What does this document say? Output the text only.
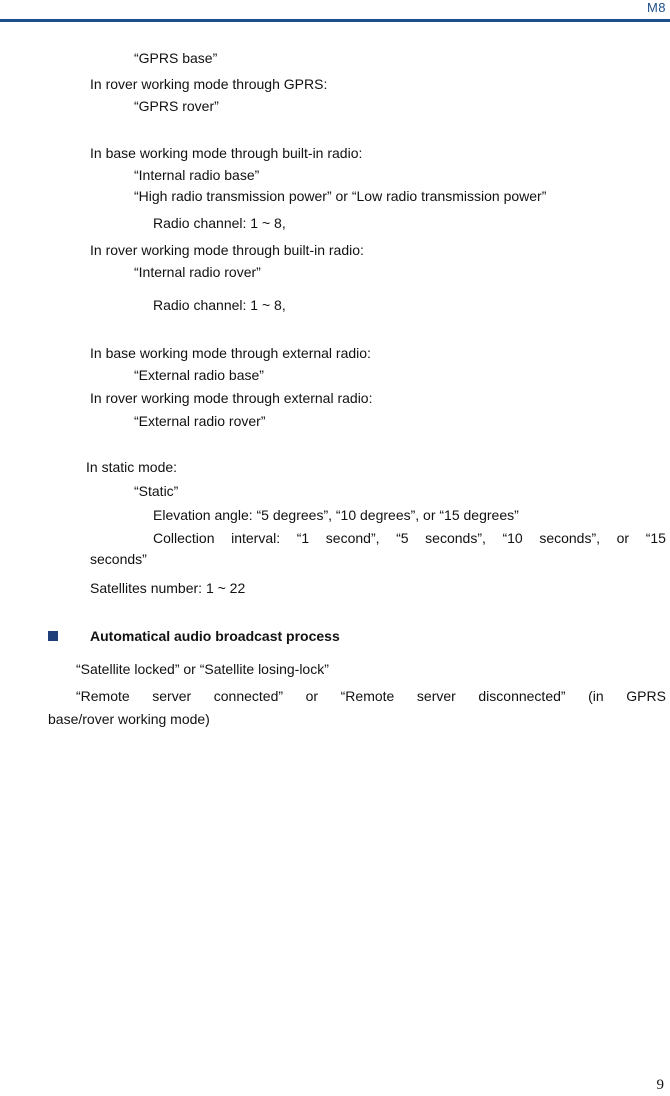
M8
“GPRS base”
In rover working mode through GPRS:
“GPRS rover”
In base working mode through built-in radio:
“Internal radio base”
“High radio transmission power” or “Low radio transmission power”
Radio channel: 1 ~ 8,
In rover working mode through built-in radio:
“Internal radio rover”
Radio channel: 1 ~ 8,
In base working mode through external radio:
“External radio base”
In rover working mode through external radio:
“External radio rover”
In static mode:
“Static”
Elevation angle: “5 degrees”, “10 degrees”, or “15 degrees”
Collection interval: “1 second”, “5 seconds”, “10 seconds”, or “15
seconds”
Satellites number: 1 ~ 22
Automatical audio broadcast process
“Satellite locked” or “Satellite losing-lock”
“Remote server connected” or “Remote server disconnected” (in GPRS
base/rover working mode)
9
